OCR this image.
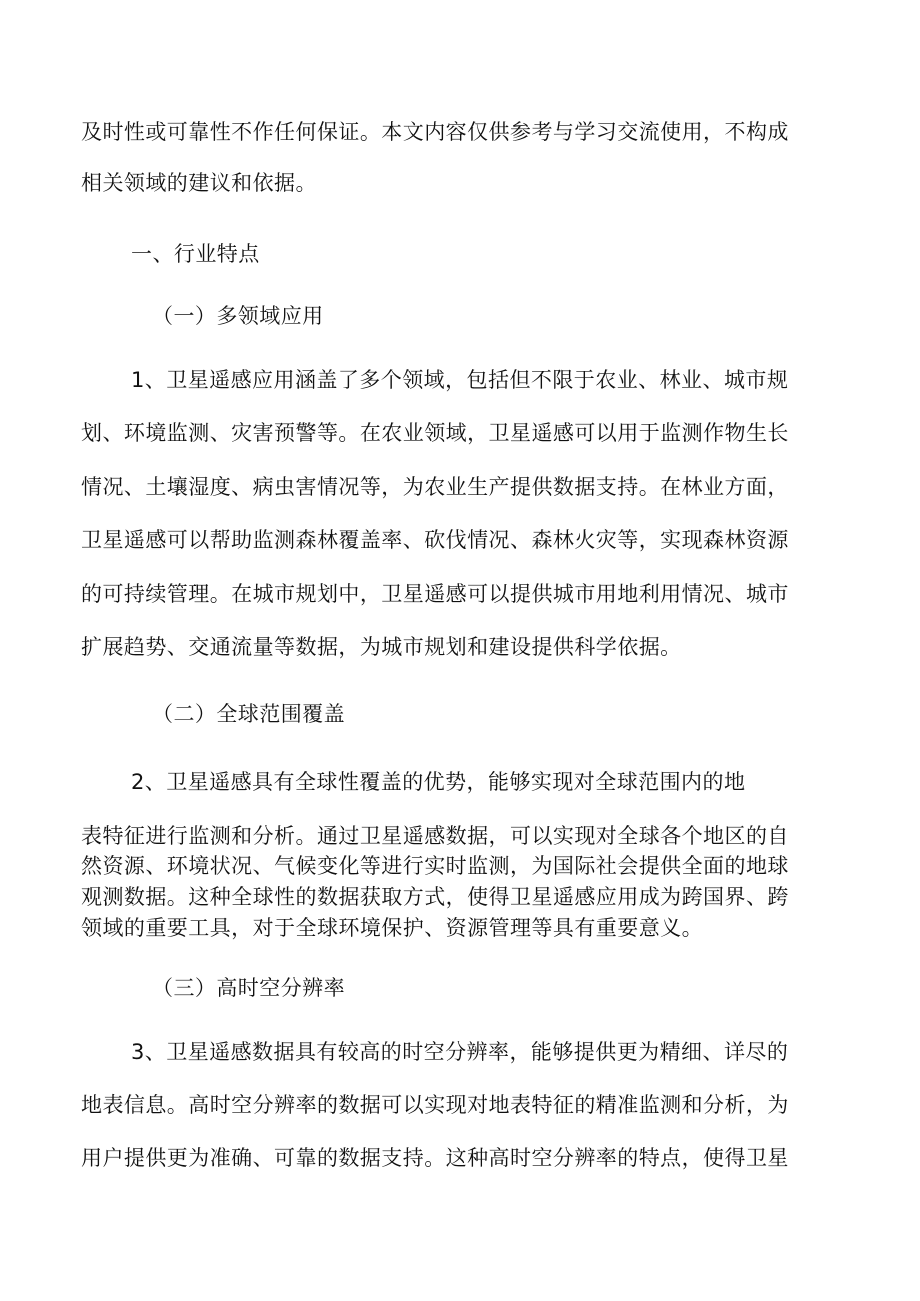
及时性或可靠性不作任何保证。本文内容仅供参考与学习交流使用，不构成
相关领域的建议和依据。
一、行业特点
（一）多领域应用
1、卫星遥感应用涵盖了多个领域，包括但不限于农业、林业、城市规
划、环境监测、灾害预警等。在农业领域，卫星遥感可以用于监测作物生长
情况、土壤湿度、病虫害情况等，为农业生产提供数据支持。在林业方面，
卫星遥感可以帮助监测森林覆盖率、砍伐情况、森林火灾等，实现森林资源
的可持续管理。在城市规划中，卫星遥感可以提供城市用地利用情况、城市
扩展趋势、交通流量等数据，为城市规划和建设提供科学依据。
（二）全球范围覆盖
2、卫星遥感具有全球性覆盖的优势，能够实现对全球范围内的地
表特征进行监测和分析。通过卫星遥感数据，可以实现对全球各个地区的自
然资源、环境状况、气候变化等进行实时监测，为国际社会提供全面的地球
观测数据。这种全球性的数据获取方式，使得卫星遥感应用成为跨国界、跨
领域的重要工具，对于全球环境保护、资源管理等具有重要意义。
（三）高时空分辨率
3、卫星遥感数据具有较高的时空分辨率，能够提供更为精细、详尽的
地表信息。高时空分辨率的数据可以实现对地表特征的精准监测和分析，为
用户提供更为准确、可靠的数据支持。这种高时空分辨率的特点，使得卫星
